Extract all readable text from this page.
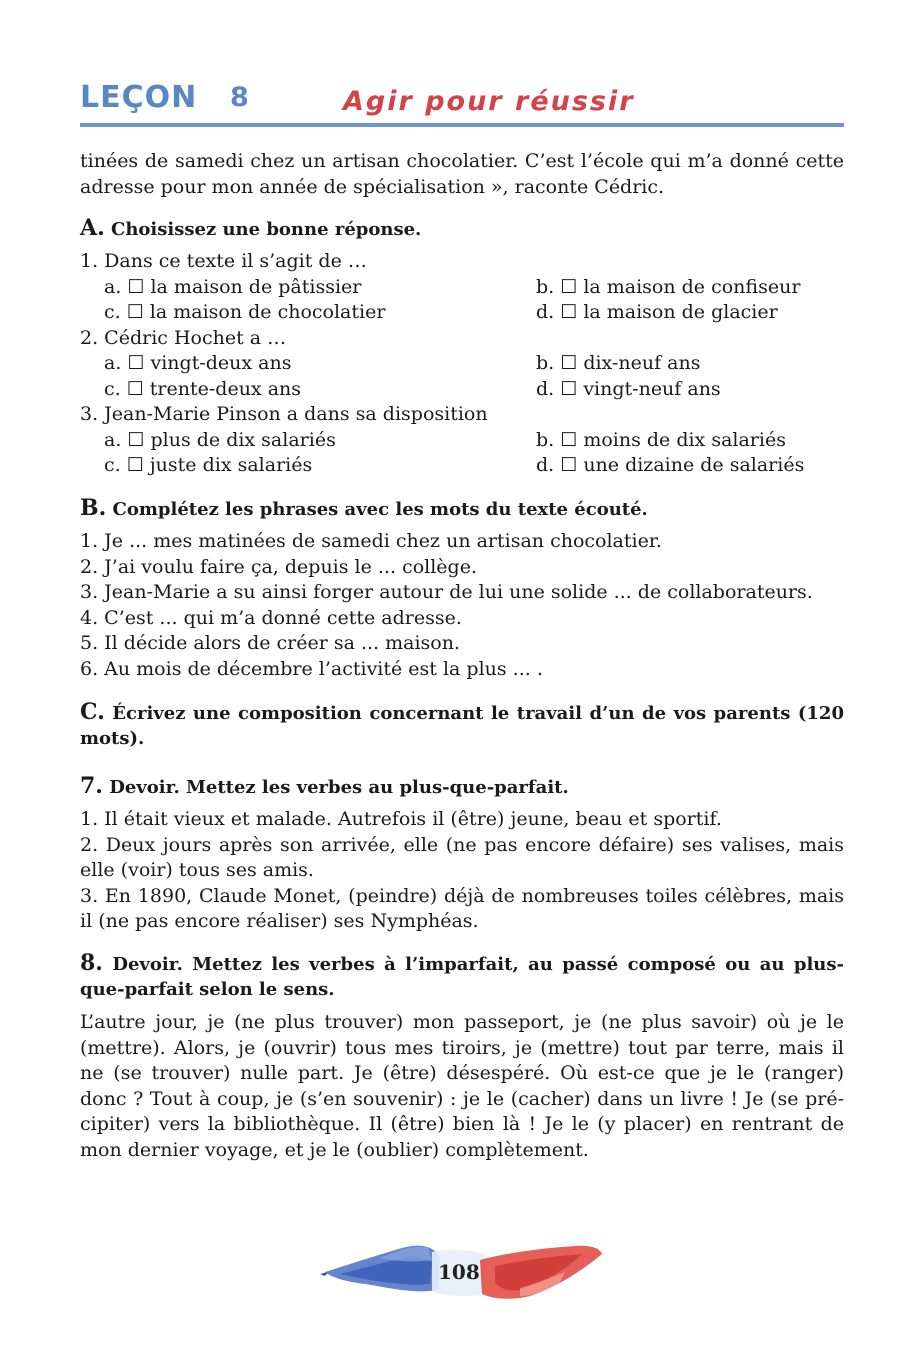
LEÇON 8	Agir pour réussir

tinées de samedi chez un artisan chocolatier. C’est l’école qui m’a donné cette adresse pour mon année de spécialisation », raconte Cédric.

A. Choisissez une bonne réponse.

1. Dans ce texte il s’agit de …

a. ☐ la maison de pâtissier	b. ☐ la maison de confiseur
c. ☐ la maison de chocolatier	d. ☐ la maison de glacier

2. Cédric Hochet a …

a. ☐ vingt-deux ans	b. ☐ dix-neuf ans
c. ☐ trente-deux ans	d. ☐ vingt-neuf ans

3. Jean-Marie Pinson a dans sa disposition

a. ☐ plus de dix salariés	b. ☐ moins de dix salariés
c. ☐ juste dix salariés	d. ☐ une dizaine de salariés

B. Complétez les phrases avec les mots du texte écouté.

1. Je ... mes matinées de samedi chez un artisan chocolatier.

2. J’ai voulu faire ça, depuis le ... collège.

3. Jean-Marie a su ainsi forger autour de lui une solide ... de collaborateurs.

4. C’est ... qui m’a donné cette adresse.

5. Il décide alors de créer sa ... maison.

6. Au mois de décembre l’activité est la plus ... .

C. Écrivez une composition concernant le travail d’un de vos parents (120 mots).

7. Devoir. Mettez les verbes au plus-que-parfait.

1. Il était vieux et malade. Autrefois il (être) jeune, beau et sportif.

2. Deux jours après son arrivée, elle (ne pas encore défaire) ses valises, mais elle (voir) tous ses amis.

3. En 1890, Claude Monet, (peindre) déjà de nombreuses toiles célèbres, mais il (ne pas encore réaliser) ses Nymphéas.

8. Devoir. Mettez les verbes à l’imparfait, au passé composé ou au plus-que-parfait selon le sens.

L’autre jour, je (ne plus trouver) mon passeport, je (ne plus savoir) où je le (mettre). Alors, je (ouvrir) tous mes tiroirs, je (mettre) tout par terre, mais il ne (se trouver) nulle part. Je (être) désespéré. Où est-ce que je le (ranger) donc ? Tout à coup, je (s’en souvenir) : je le (cacher) dans un livre ! Je (se pré-cipiter) vers la bibliothèque. Il (être) bien là ! Je le (y placer) en rentrant de mon dernier voyage, et je le (oublier) complètement.

108
